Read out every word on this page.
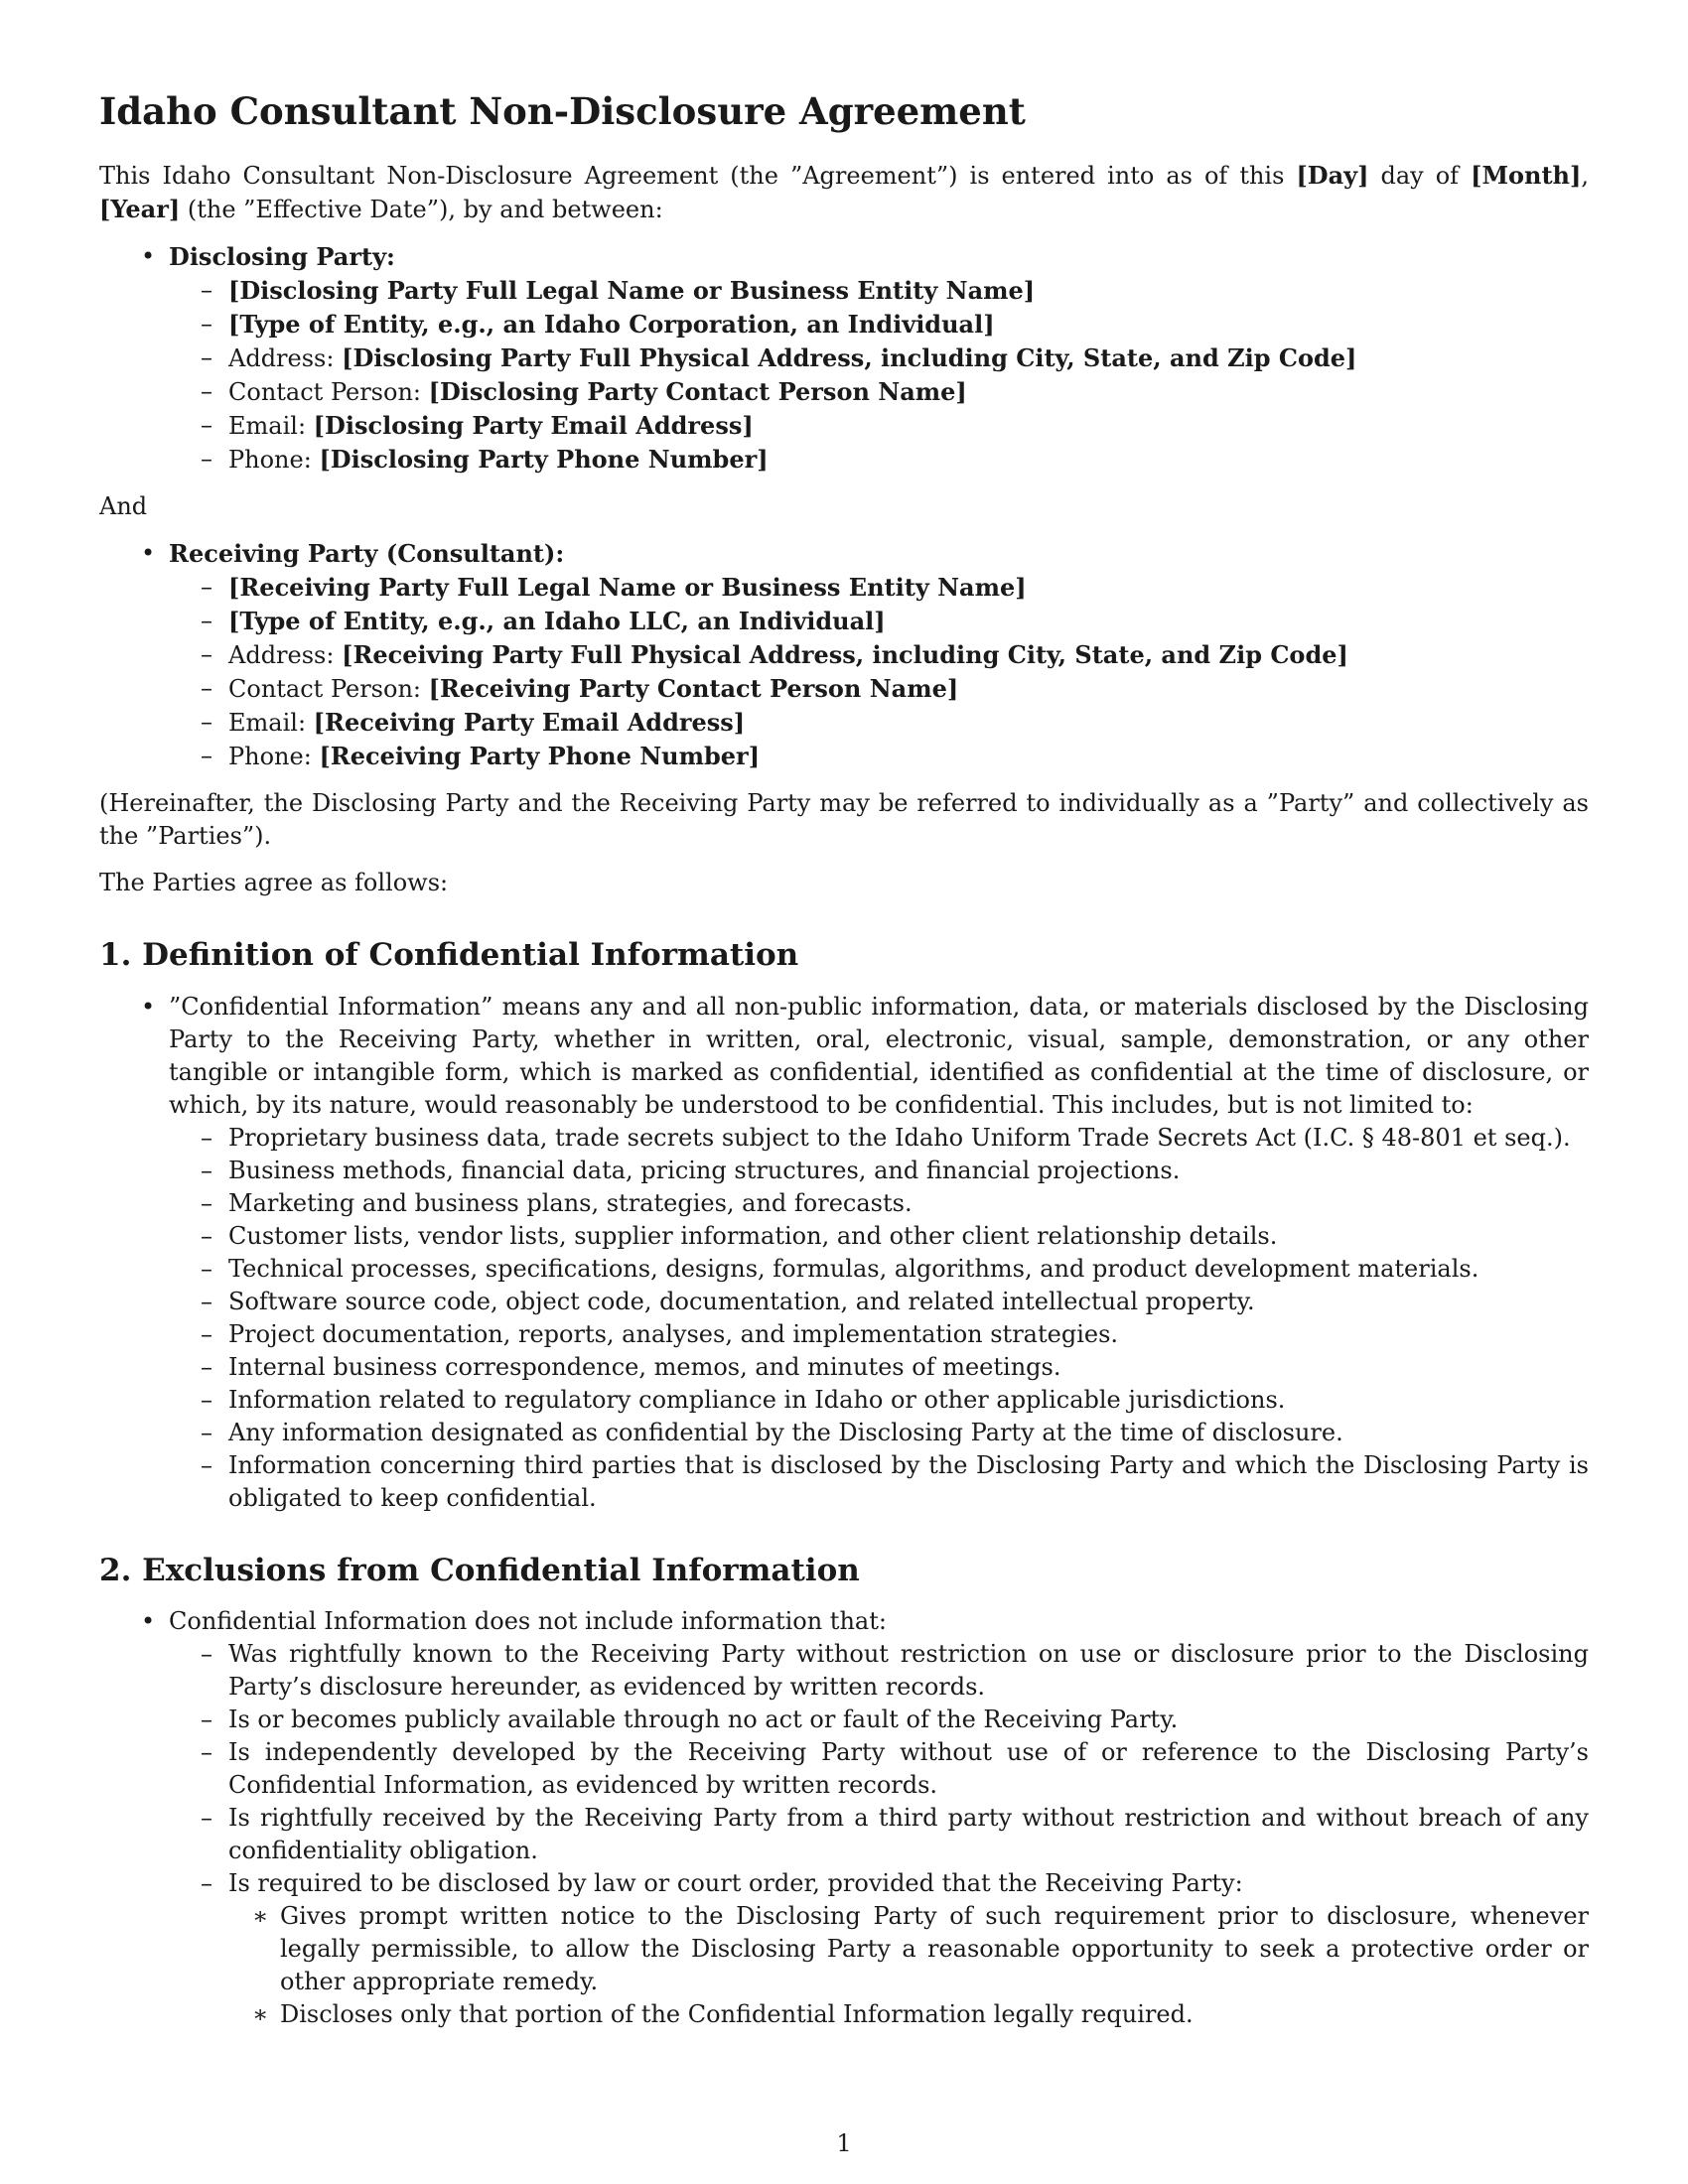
Idaho Consultant Non-Disclosure Agreement

This Idaho Consultant Non-Disclosure Agreement (the ”Agreement”) is entered into as of this [Day] day of [Month], [Year] (the ”Effective Date”), by and between:

• Disclosing Party:
– [Disclosing Party Full Legal Name or Business Entity Name]
– [Type of Entity, e.g., an Idaho Corporation, an Individual]
– Address: [Disclosing Party Full Physical Address, including City, State, and Zip Code]
– Contact Person: [Disclosing Party Contact Person Name]
– Email: [Disclosing Party Email Address]
– Phone: [Disclosing Party Phone Number]

And

• Receiving Party (Consultant):
– [Receiving Party Full Legal Name or Business Entity Name]
– [Type of Entity, e.g., an Idaho LLC, an Individual]
– Address: [Receiving Party Full Physical Address, including City, State, and Zip Code]
– Contact Person: [Receiving Party Contact Person Name]
– Email: [Receiving Party Email Address]
– Phone: [Receiving Party Phone Number]

(Hereinafter, the Disclosing Party and the Receiving Party may be referred to individually as a ”Party” and collectively as the ”Parties”).

The Parties agree as follows:

1. Definition of Confidential Information
• ”Confidential Information” means any and all non-public information, data, or materials disclosed by the Disclosing Party to the Receiving Party, whether in written, oral, electronic, visual, sample, demonstration, or any other tangible or intangible form, which is marked as confidential, identified as confidential at the time of disclosure, or which, by its nature, would reasonably be understood to be confidential. This includes, but is not limited to:
– Proprietary business data, trade secrets subject to the Idaho Uniform Trade Secrets Act (I.C. § 48-801 et seq.).
– Business methods, financial data, pricing structures, and financial projections.
– Marketing and business plans, strategies, and forecasts.
– Customer lists, vendor lists, supplier information, and other client relationship details.
– Technical processes, specifications, designs, formulas, algorithms, and product development materials.
– Software source code, object code, documentation, and related intellectual property.
– Project documentation, reports, analyses, and implementation strategies.
– Internal business correspondence, memos, and minutes of meetings.
– Information related to regulatory compliance in Idaho or other applicable jurisdictions.
– Any information designated as confidential by the Disclosing Party at the time of disclosure.
– Information concerning third parties that is disclosed by the Disclosing Party and which the Disclosing Party is obligated to keep confidential.
2. Exclusions from Confidential Information
• Confidential Information does not include information that:
– Was rightfully known to the Receiving Party without restriction on use or disclosure prior to the Disclosing Party’s disclosure hereunder, as evidenced by written records.
– Is or becomes publicly available through no act or fault of the Receiving Party.
– Is independently developed by the Receiving Party without use of or reference to the Disclosing Party’s Confidential Information, as evidenced by written records.
– Is rightfully received by the Receiving Party from a third party without restriction and without breach of any confidentiality obligation.
– Is required to be disclosed by law or court order, provided that the Receiving Party:
∗ Gives prompt written notice to the Disclosing Party of such requirement prior to disclosure, whenever legally permissible, to allow the Disclosing Party a reasonable opportunity to seek a protective order or other appropriate remedy.
∗ Discloses only that portion of the Confidential Information legally required.
1
